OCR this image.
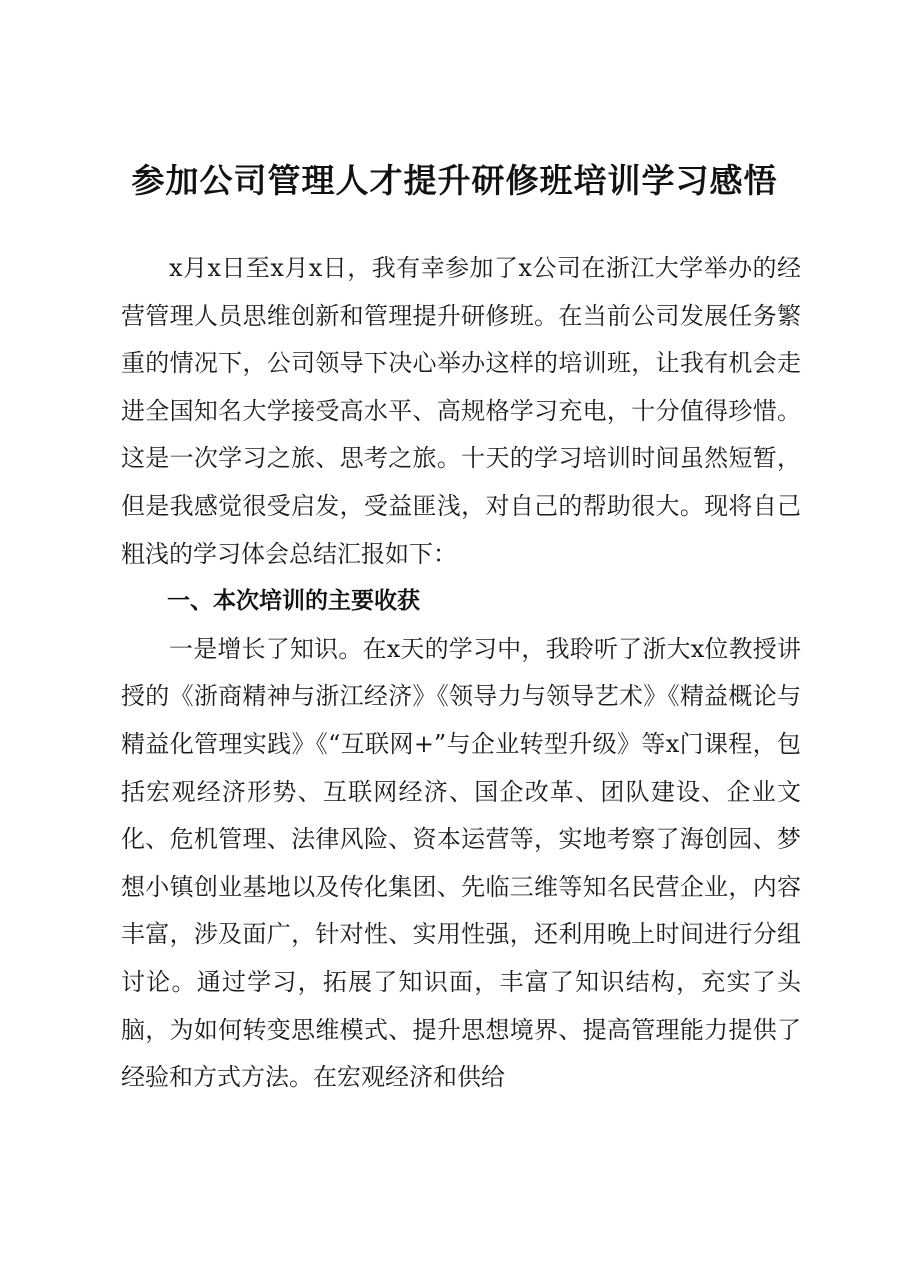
参加公司管理人才提升研修班培训学习感悟

x月x日至x月x日，我有幸参加了x公司在浙江大学举办的经营管理人员思维创新和管理提升研修班。在当前公司发展任务繁重的情况下，公司领导下决心举办这样的培训班，让我有机会走进全国知名大学接受高水平、高规格学习充电，十分值得珍惜。这是一次学习之旅、思考之旅。十天的学习培训时间虽然短暂，但是我感觉很受启发，受益匪浅，对自己的帮助很大。现将自己粗浅的学习体会总结汇报如下：

一、本次培训的主要收获

一是增长了知识。在x天的学习中，我聆听了浙大x位教授讲授的《浙商精神与浙江经济》《领导力与领导艺术》《精益概论与精益化管理实践》《“互联网+”与企业转型升级》等x门课程，包括宏观经济形势、互联网经济、国企改革、团队建设、企业文化、危机管理、法律风险、资本运营等，实地考察了海创园、梦想小镇创业基地以及传化集团、先临三维等知名民营企业，内容丰富，涉及面广，针对性、实用性强，还利用晚上时间进行分组讨论。通过学习，拓展了知识面，丰富了知识结构，充实了头脑，为如何转变思维模式、提升思想境界、提高管理能力提供了经验和方式方法。在宏观经济和供给
